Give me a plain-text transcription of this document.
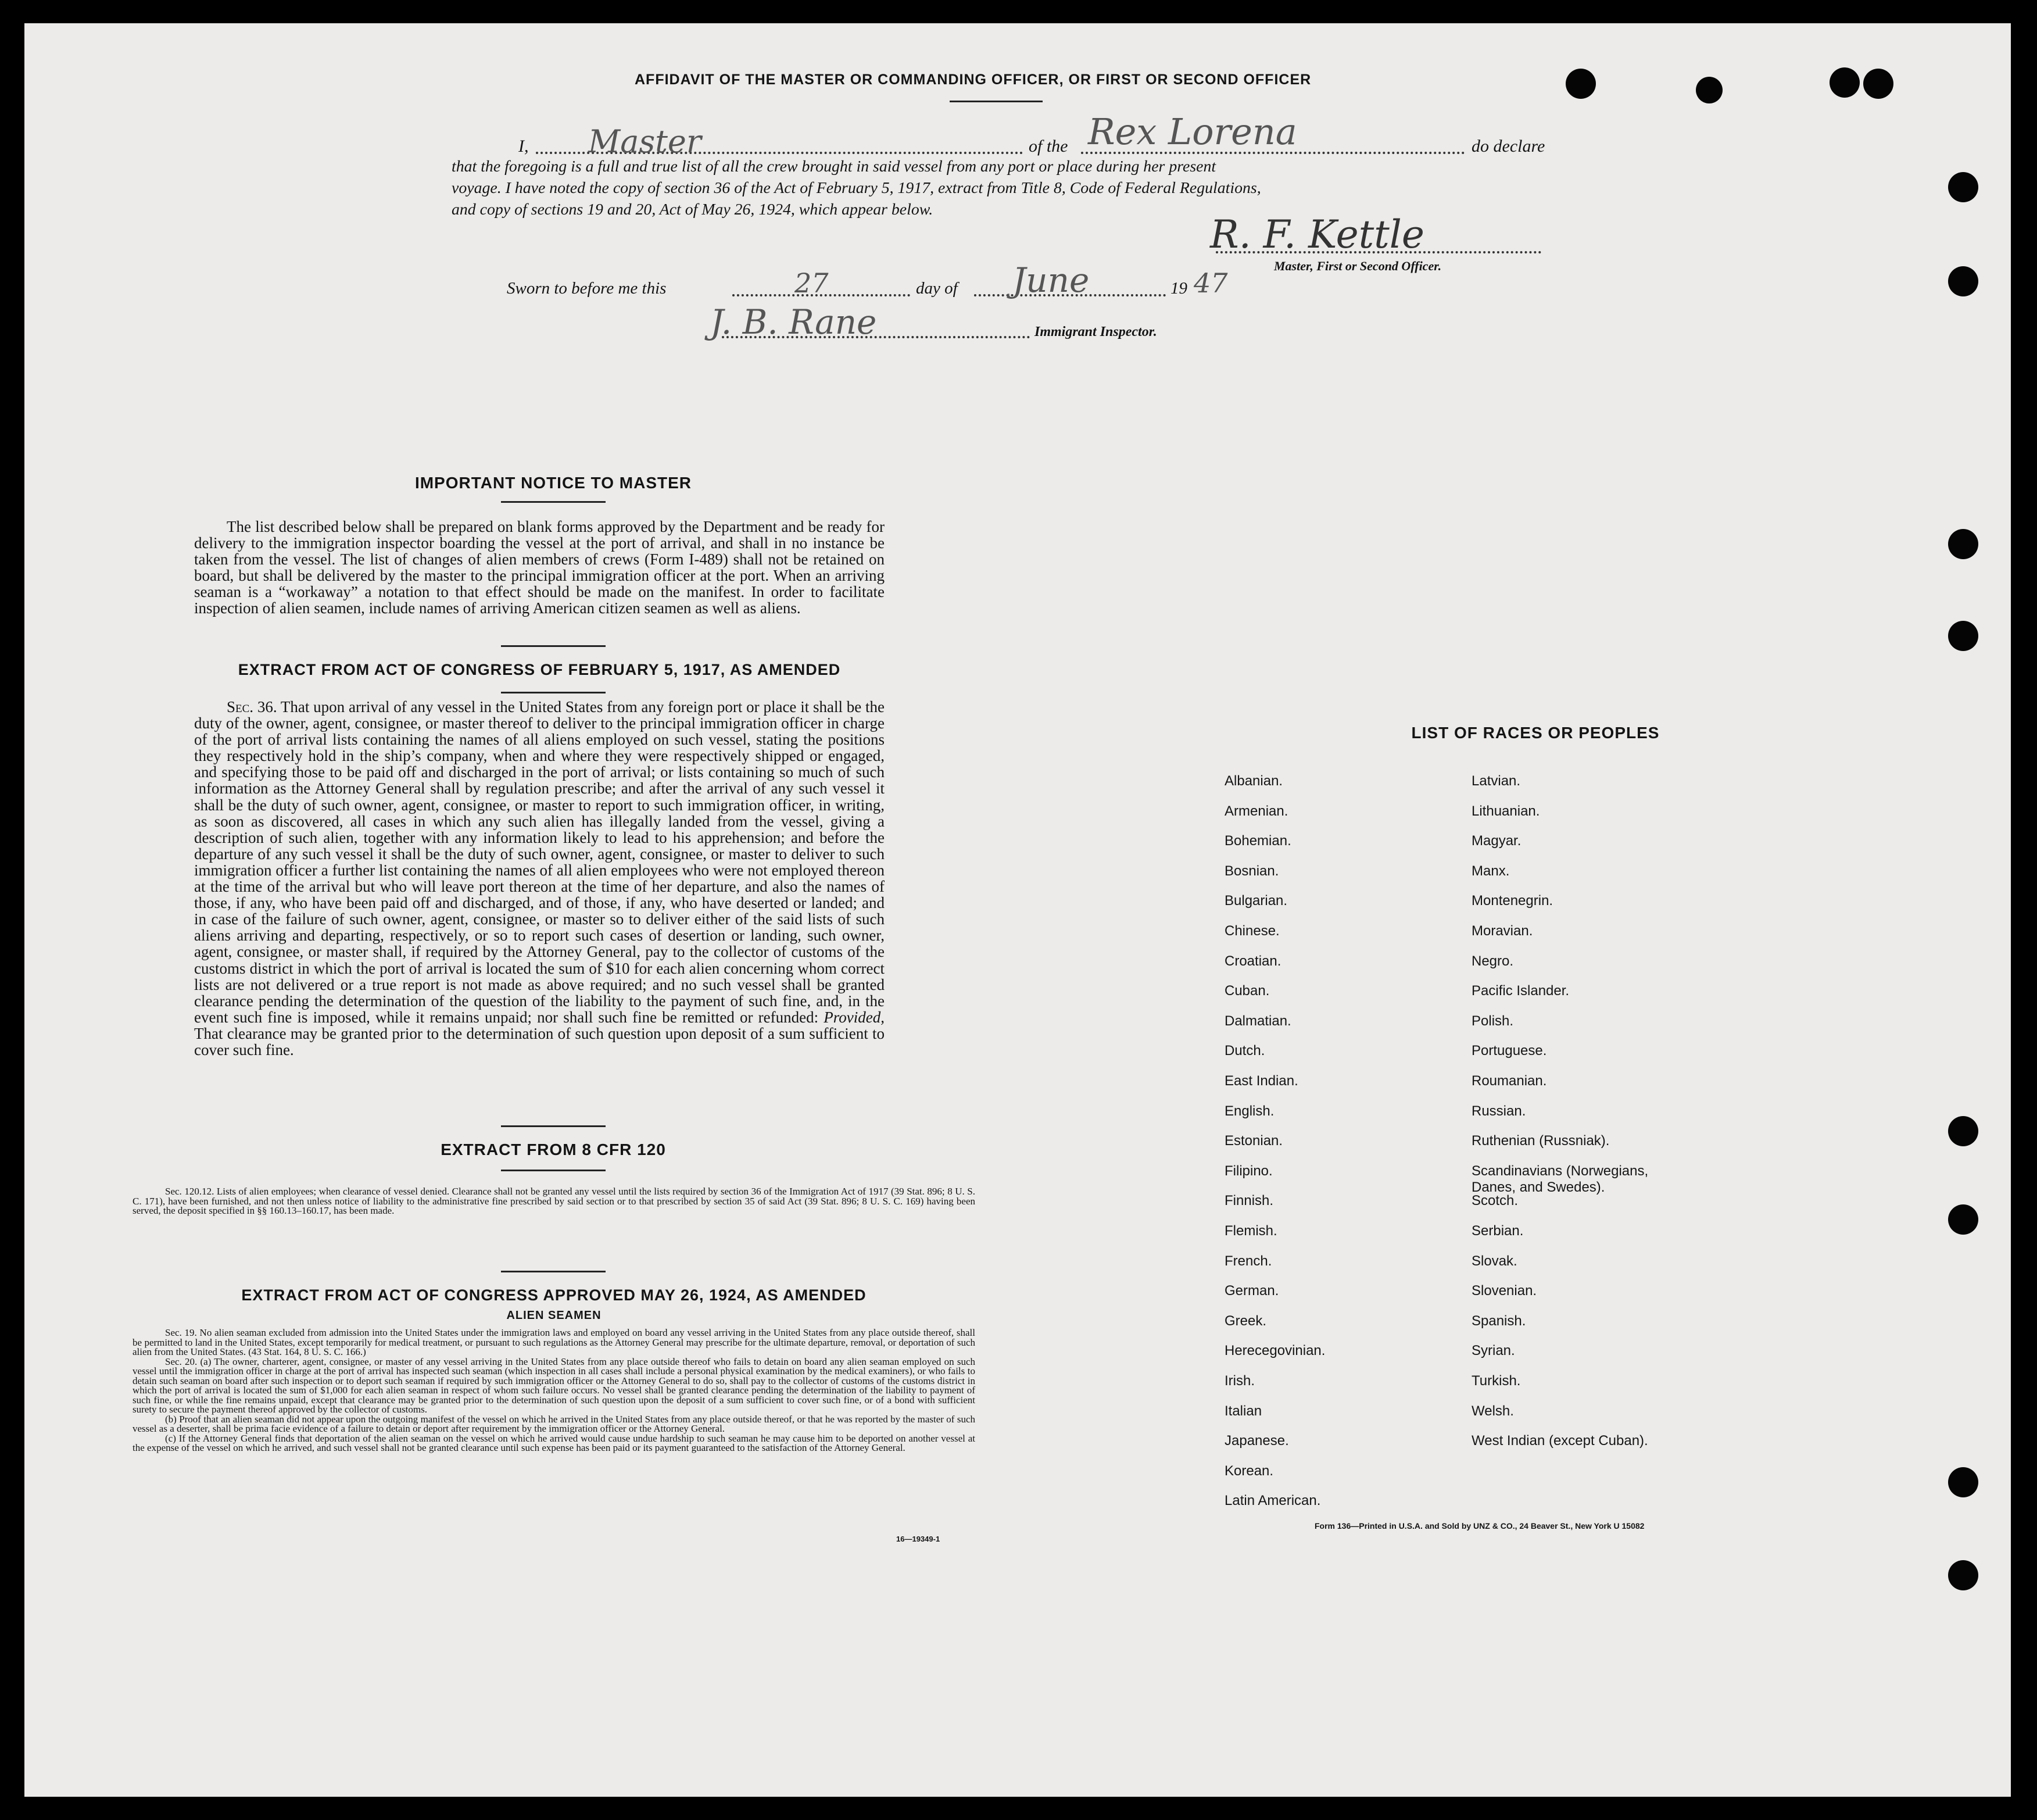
AFFIDAVIT OF THE MASTER OR COMMANDING OFFICER, OR FIRST OR SECOND OFFICER
I, Master	of the Rex Lorena	do declare
that the foregoing is a full and true list of all the crew brought in said vessel from any port or place during her present
voyage. I have noted the copy of section 36 of the Act of February 5, 1917, extract from Title 8, Code of Federal Regulations,
and copy of sections 19 and 20, Act of May 26, 1924, which appear below.
R. F. Kettle
Master, First or Second Officer.
Sworn to before me this	27	day of June	19 47
J. B. Rane	Immigrant Inspector.
IMPORTANT NOTICE TO MASTER
The list described below shall be prepared on blank forms approved by the Department and be ready for delivery to the immigration inspector boarding the vessel at the port of arrival, and shall in no instance be taken from the vessel. The list of changes of alien members of crews (Form I-489) shall not be retained on board, but shall be delivered by the master to the principal immigration officer at the port. When an arriving seaman is a “workaway” a notation to that effect should be made on the manifest. In order to facilitate inspection of alien seamen, include names of arriving American citizen seamen as well as aliens.
EXTRACT FROM ACT OF CONGRESS OF FEBRUARY 5, 1917, AS AMENDED
Sec. 36. That upon arrival of any vessel in the United States from any foreign port or place it shall be the duty of the owner, agent, consignee, or master thereof to deliver to the principal immigration officer in charge of the port of arrival lists containing the names of all aliens employed on such vessel, stating the positions they respectively hold in the ship’s company, when and where they were respectively shipped or engaged, and specifying those to be paid off and discharged in the port of arrival; or lists containing so much of such information as the Attorney General shall by regulation prescribe; and after the arrival of any such vessel it shall be the duty of such owner, agent, consignee, or master to report to such immigration officer, in writing, as soon as discovered, all cases in which any such alien has illegally landed from the vessel, giving a description of such alien, together with any information likely to lead to his apprehension; and before the departure of any such vessel it shall be the duty of such owner, agent, consignee, or master to deliver to such immigration officer a further list containing the names of all alien employees who were not employed thereon at the time of the arrival but who will leave port thereon at the time of her departure, and also the names of those, if any, who have been paid off and discharged, and of those, if any, who have deserted or landed; and in case of the failure of such owner, agent, consignee, or master so to deliver either of the said lists of such aliens arriving and departing, respectively, or so to report such cases of desertion or landing, such owner, agent, consignee, or master shall, if required by the Attorney General, pay to the collector of customs of the customs district in which the port of arrival is located the sum of $10 for each alien concerning whom correct lists are not delivered or a true report is not made as above required; and no such vessel shall be granted clearance pending the determination of the question of the liability to the payment of such fine, and, in the event such fine is imposed, while it remains unpaid; nor shall such fine be remitted or refunded: Provided, That clearance may be granted prior to the determination of such question upon deposit of a sum sufficient to cover such fine.
EXTRACT FROM 8 CFR 120

Sec. 120.12. Lists of alien employees; when clearance of vessel denied. Clearance shall not be granted any vessel until the lists required by section 36 of the Immigration Act of 1917 (39 Stat. 896; 8 U. S. C. 171), have been furnished, and not then unless notice of liability to the administrative fine prescribed by said section or to that prescribed by section 35 of said Act (39 Stat. 896; 8 U. S. C. 169) having been served, the deposit specified in §§ 160.13–160.17, has been made.

EXTRACT FROM ACT OF CONGRESS APPROVED MAY 26, 1924, AS AMENDED
ALIEN SEAMEN

Sec. 19. No alien seaman excluded from admission into the United States under the immigration laws and employed on board any vessel arriving in the United States from any place outside thereof, shall be permitted to land in the United States, except temporarily for medical treatment, or pursuant to such regulations as the Attorney General may prescribe for the ultimate departure, removal, or deportation of such alien from the United States. (43 Stat. 164, 8 U. S. C. 166.)

Sec. 20. (a) The owner, charterer, agent, consignee, or master of any vessel arriving in the United States from any place outside thereof who fails to detain on board any alien seaman employed on such vessel until the immigration officer in charge at the port of arrival has inspected such seaman (which inspection in all cases shall include a personal physical examination by the medical examiners), or who fails to detain such seaman on board after such inspection or to deport such seaman if required by such immigration officer or the Attorney General to do so, shall pay to the collector of customs of the customs district in which the port of arrival is located the sum of $1,000 for each alien seaman in respect of whom such failure occurs. No vessel shall be granted clearance pending the determination of the liability to payment of such fine, or while the fine remains unpaid, except that clearance may be granted prior to the determination of such question upon the deposit of a sum sufficient to cover such fine, or of a bond with sufficient surety to secure the payment thereof approved by the collector of customs.

(b) Proof that an alien seaman did not appear upon the outgoing manifest of the vessel on which he arrived in the United States from any place outside thereof, or that he was reported by the master of such vessel as a deserter, shall be prima facie evidence of a failure to detain or deport after requirement by the immigration officer or the Attorney General.

(c) If the Attorney General finds that deportation of the alien seaman on the vessel on which he arrived would cause undue hardship to such seaman he may cause him to be deported on another vessel at the expense of the vessel on which he arrived, and such vessel shall not be granted clearance until such expense has been paid or its payment guaranteed to the satisfaction of the Attorney General.

16—19349-1
LIST OF RACES OR PEOPLES
Form 136—Printed in U.S.A. and Sold by UNZ & CO., 24 Beaver St., New York U 15082
Albanian.
Armenian.
Bohemian.
Bosnian.
Bulgarian.
Chinese.
Croatian.
Cuban.
Dalmatian.
Dutch.
East Indian.
English.
Estonian.
Filipino.
Finnish.
Flemish.
French.
German.
Greek.
Herecegovinian.
Irish.
Italian
Japanese.
Korean.
Latin American.
Latvian.
Lithuanian.
Magyar.
Manx.
Montenegrin.
Moravian.
Negro.
Pacific Islander.
Polish.
Portuguese.
Roumanian.
Russian.
Ruthenian (Russniak).
Scandinavians (Norwegians,
Danes, and Swedes).
Scotch.
Serbian.
Slovak.
Slovenian.
Spanish.
Syrian.
Turkish.
Welsh.
West Indian (except Cuban).
